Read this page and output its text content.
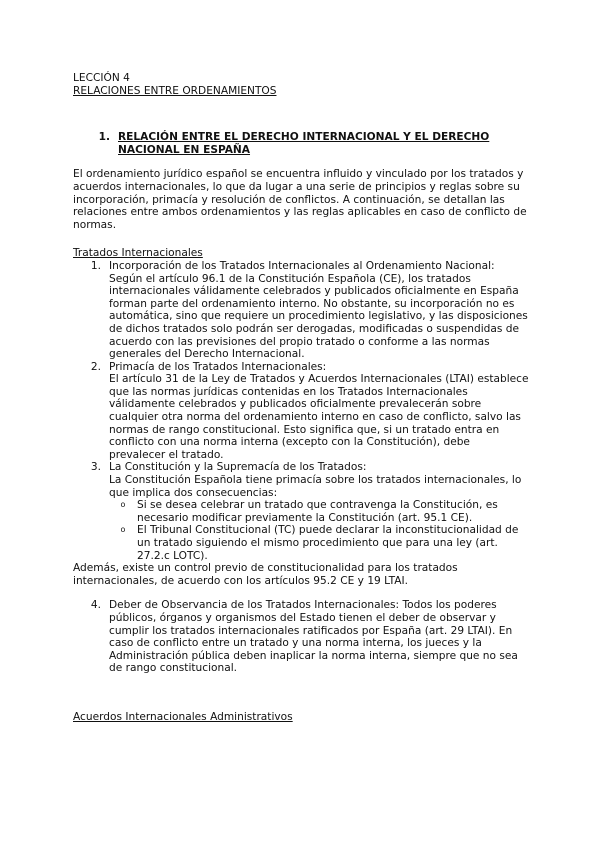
LECCIÓN 4

RELACIONES ENTRE ORDENAMIENTOS

1. RELACIÓN ENTRE EL DERECHO INTERNACIONAL Y EL DERECHO NACIONAL EN ESPAÑA

El ordenamiento jurídico español se encuentra influido y vinculado por los tratados y acuerdos internacionales, lo que da lugar a una serie de principios y reglas sobre su incorporación, primacía y resolución de conflictos. A continuación, se detallan las relaciones entre ambos ordenamientos y las reglas aplicables en caso de conflicto de normas.

Tratados Internacionales

1. Incorporación de los Tratados Internacionales al Ordenamiento Nacional:
Según el artículo 96.1 de la Constitución Española (CE), los tratados internacionales válidamente celebrados y publicados oficialmente en España forman parte del ordenamiento interno. No obstante, su incorporación no es automática, sino que requiere un procedimiento legislativo, y las disposiciones de dichos tratados solo podrán ser derogadas, modificadas o suspendidas de acuerdo con las previsiones del propio tratado o conforme a las normas generales del Derecho Internacional.
2. Primacía de los Tratados Internacionales:
El artículo 31 de la Ley de Tratados y Acuerdos Internacionales (LTAI) establece que las normas jurídicas contenidas en los Tratados Internacionales válidamente celebrados y publicados oficialmente prevalecerán sobre cualquier otra norma del ordenamiento interno en caso de conflicto, salvo las normas de rango constitucional. Esto significa que, si un tratado entra en conflicto con una norma interna (excepto con la Constitución), debe prevalecer el tratado.
3. La Constitución y la Supremacía de los Tratados:
La Constitución Española tiene primacía sobre los tratados internacionales, lo que implica dos consecuencias:
o	Si se desea celebrar un tratado que contravenga la Constitución, es necesario modificar previamente la Constitución (art. 95.1 CE).
o	El Tribunal Constitucional (TC) puede declarar la inconstitucionalidad de un tratado siguiendo el mismo procedimiento que para una ley (art. 27.2.c LOTC).

Además, existe un control previo de constitucionalidad para los tratados internacionales, de acuerdo con los artículos 95.2 CE y 19 LTAI.

4. Deber de Observancia de los Tratados Internacionales: Todos los poderes públicos, órganos y organismos del Estado tienen el deber de observar y cumplir los tratados internacionales ratificados por España (art. 29 LTAI). En caso de conflicto entre un tratado y una norma interna, los jueces y la Administración pública deben inaplicar la norma interna, siempre que no sea de rango constitucional.

Acuerdos Internacionales Administrativos
